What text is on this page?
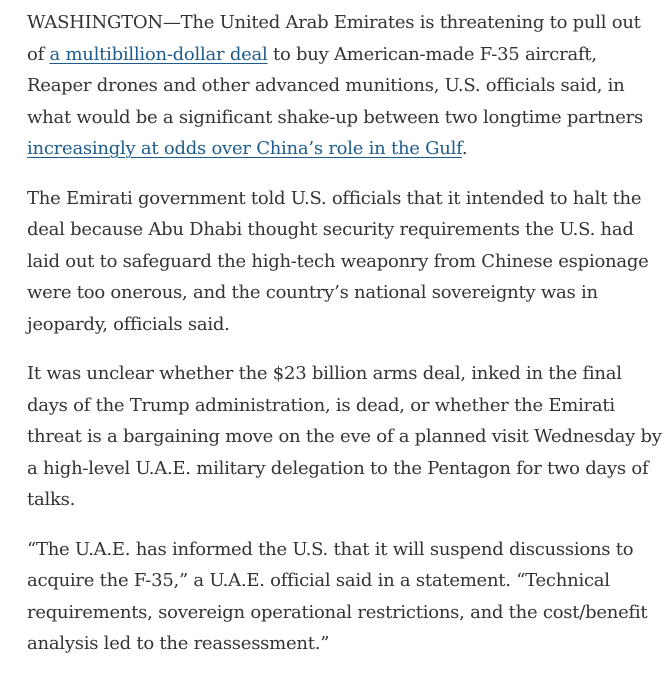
WASHINGTON—The United Arab Emirates is threatening to pull out of a multibillion-dollar deal to buy American-made F-35 aircraft, Reaper drones and other advanced munitions, U.S. officials said, in what would be a significant shake-up between two longtime partners increasingly at odds over China’s role in the Gulf.

The Emirati government told U.S. officials that it intended to halt the deal because Abu Dhabi thought security requirements the U.S. had laid out to safeguard the high-tech weaponry from Chinese espionage were too onerous, and the country’s national sovereignty was in jeopardy, officials said.

It was unclear whether the $23 billion arms deal, inked in the final days of the Trump administration, is dead, or whether the Emirati threat is a bargaining move on the eve of a planned visit Wednesday by a high-level U.A.E. military delegation to the Pentagon for two days of talks.

“The U.A.E. has informed the U.S. that it will suspend discussions to acquire the F-35,” a U.A.E. official said in a statement. “Technical requirements, sovereign operational restrictions, and the cost/benefit analysis led to the reassessment.”
